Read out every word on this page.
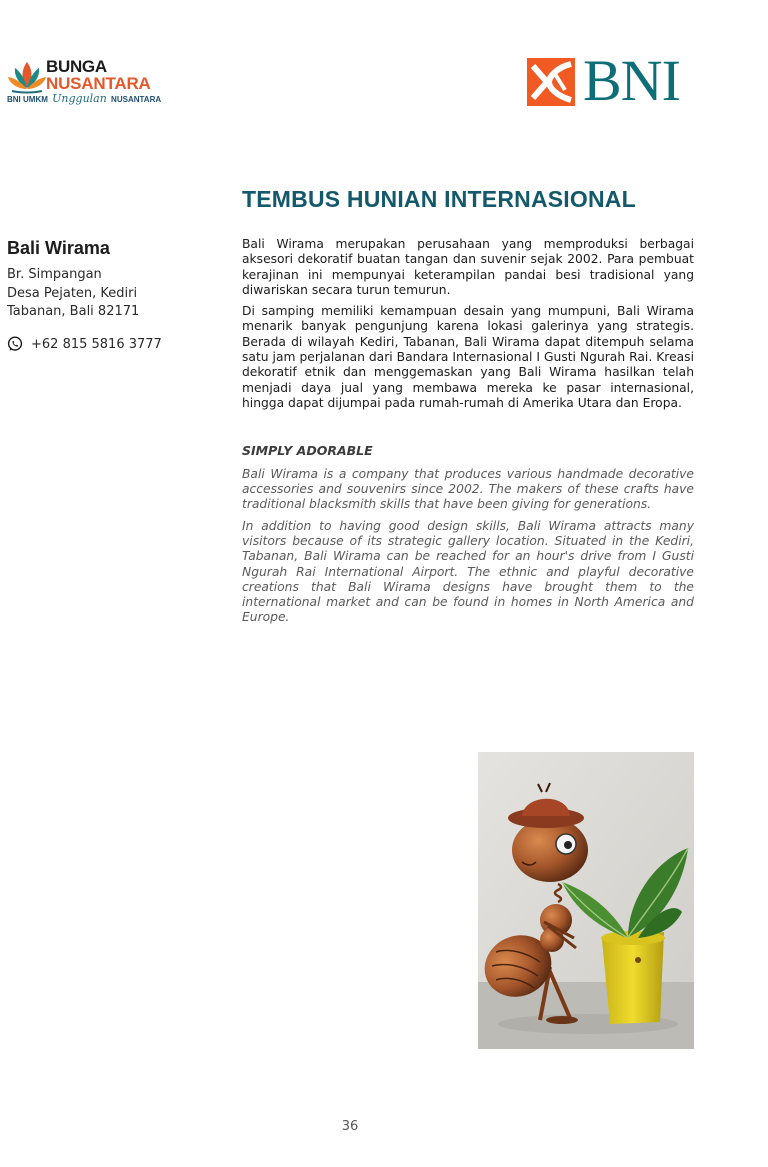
BUNGA
NUSANTARA
BNI UMKM Unggulan NUSANTARA	BNI
Bali Wirama
Br. Simpangan
Desa Pejaten, Kediri
Tabanan, Bali 82171
+62 815 5816 3777
TEMBUS HUNIAN INTERNASIONAL

Bali Wirama merupakan perusahaan yang memproduksi berbagai aksesori dekoratif buatan tangan dan suvenir sejak 2002. Para pembuat kerajinan ini mempunyai keterampilan pandai besi tradisional yang diwariskan secara turun temurun.

Di samping memiliki kemampuan desain yang mumpuni, Bali Wirama menarik banyak pengunjung karena lokasi galerinya yang strategis. Berada di wilayah Kediri, Tabanan, Bali Wirama dapat ditempuh selama satu jam perjalanan dari Bandara Internasional I Gusti Ngurah Rai. Kreasi dekoratif etnik dan menggemaskan yang Bali Wirama hasilkan telah menjadi daya jual yang membawa mereka ke pasar internasional, hingga dapat dijumpai pada rumah-rumah di Amerika Utara dan Eropa.

SIMPLY ADORABLE

Bali Wirama is a company that produces various handmade decorative accessories and souvenirs since 2002. The makers of these crafts have traditional blacksmith skills that have been giving for generations.

In addition to having good design skills, Bali Wirama attracts many visitors because of its strategic gallery location. Situated in the Kediri, Tabanan, Bali Wirama can be reached for an hour's drive from I Gusti Ngurah Rai International Airport. The ethnic and playful decorative creations that Bali Wirama designs have brought them to the international market and can be found in homes in North America and Europe.

36
